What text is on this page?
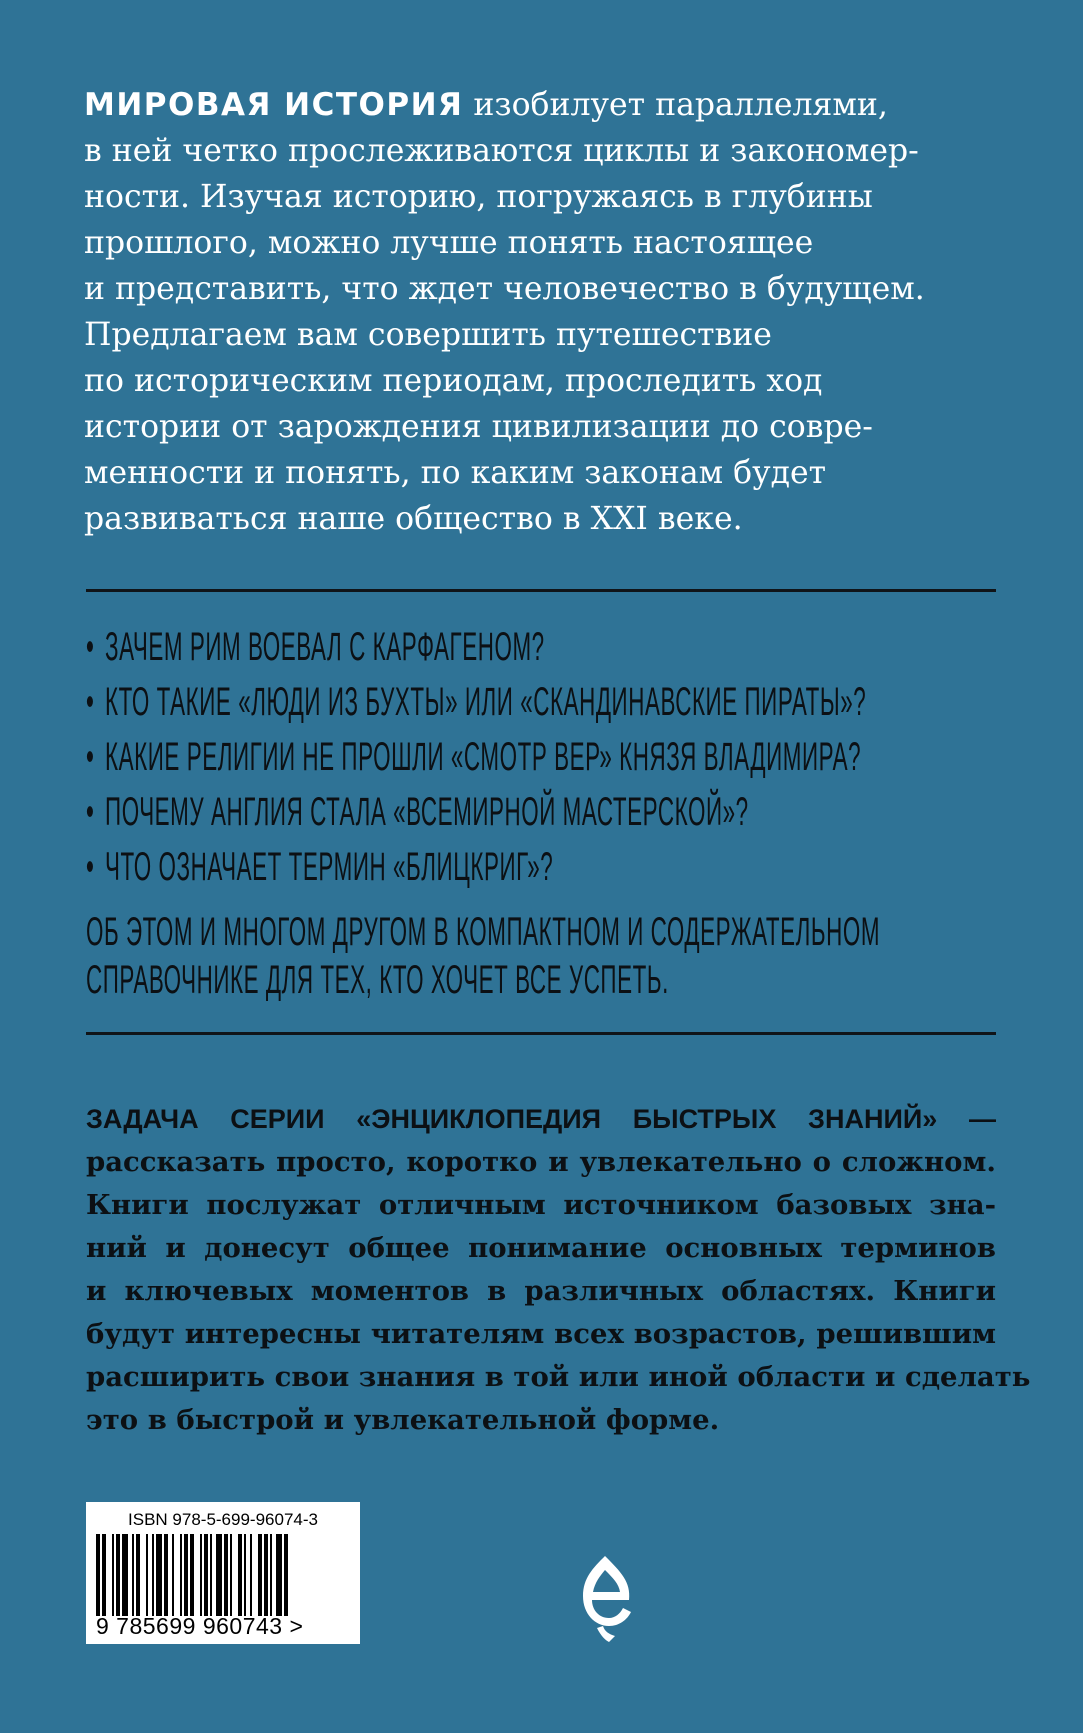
МИРОВАЯ ИСТОРИЯ изобилует параллелями,
в ней четко прослеживаются циклы и закономер-
ности. Изучая историю, погружаясь в глубины
прошлого, можно лучше понять настоящее
и представить, что ждет человечество в будущем.
Предлагаем вам совершить путешествие
по историческим периодам, проследить ход
истории от зарождения цивилизации до совре-
менности и понять, по каким законам будет
развиваться наше общество в XXI веке.
• ЗАЧЕМ РИМ ВОЕВАЛ С КАРФАГЕНОМ?
• КТО ТАКИЕ «ЛЮДИ ИЗ БУХТЫ» ИЛИ «СКАНДИНАВСКИЕ ПИРАТЫ»?
• КАКИЕ РЕЛИГИИ НЕ ПРОШЛИ «СМОТР ВЕР» КНЯЗЯ ВЛАДИМИРА?
• ПОЧЕМУ АНГЛИЯ СТАЛА «ВСЕМИРНОЙ МАСТЕРСКОЙ»?
• ЧТО ОЗНАЧАЕТ ТЕРМИН «БЛИЦКРИГ»?
ОБ ЭТОМ И МНОГОМ ДРУГОМ В КОМПАКТНОМ И СОДЕРЖАТЕЛЬНОМ
СПРАВОЧНИКЕ ДЛЯ ТЕХ, КТО ХОЧЕТ ВСЕ УСПЕТЬ.
ЗАДАЧА СЕРИИ «ЭНЦИКЛОПЕДИЯ БЫСТРЫХ ЗНАНИЙ» —
рассказать просто, коротко и увлекательно о сложном.
Книги послужат отличным источником базовых зна-
ний и донесут общее понимание основных терминов
и ключевых моментов в различных областях. Книги
будут интересны читателям всех возрастов, решившим
расширить свои знания в той или иной области и сделать
это в быстрой и увлекательной форме.
ISBN 978-5-699-96074-3
9 785699 960743 >
